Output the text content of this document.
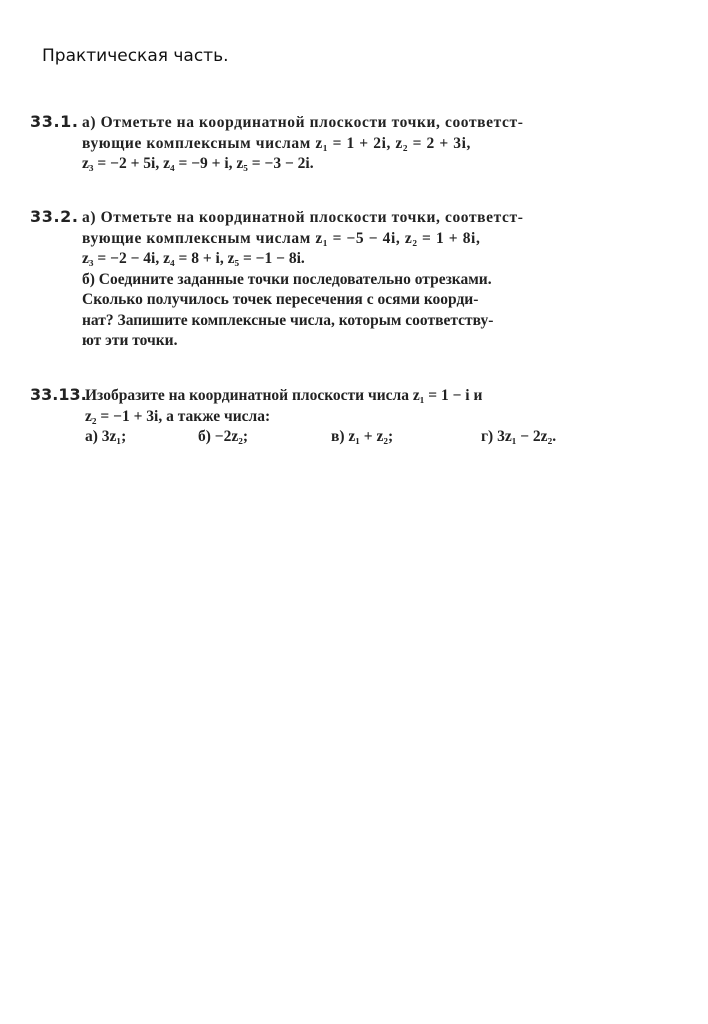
Практическая часть.
33.1. а) Отметьте на координатной плоскости точки, соответст-
вующие комплексным числам z₁ = 1 + 2i, z₂ = 2 + 3i,
z₃ = −2 + 5i, z₄ = −9 + i, z₅ = −3 − 2i.
33.2. а) Отметьте на координатной плоскости точки, соответст-
вующие комплексным числам z₁ = −5 − 4i, z₂ = 1 + 8i,
z₃ = −2 − 4i, z₄ = 8 + i, z₅ = −1 − 8i.
б) Соедините заданные точки последовательно отрезками.
Сколько получилось точек пересечения с осями коорди-
нат? Запишите комплексные числа, которым соответству-
ют эти точки.
33.13.Изобразите на координатной плоскости числа z₁ = 1 − i и
z₂ = −1 + 3i, а также числа:
а) 3z₁;	б) −2z₂;	в) z₁ + z₂;	г) 3z₁ − 2z₂.
